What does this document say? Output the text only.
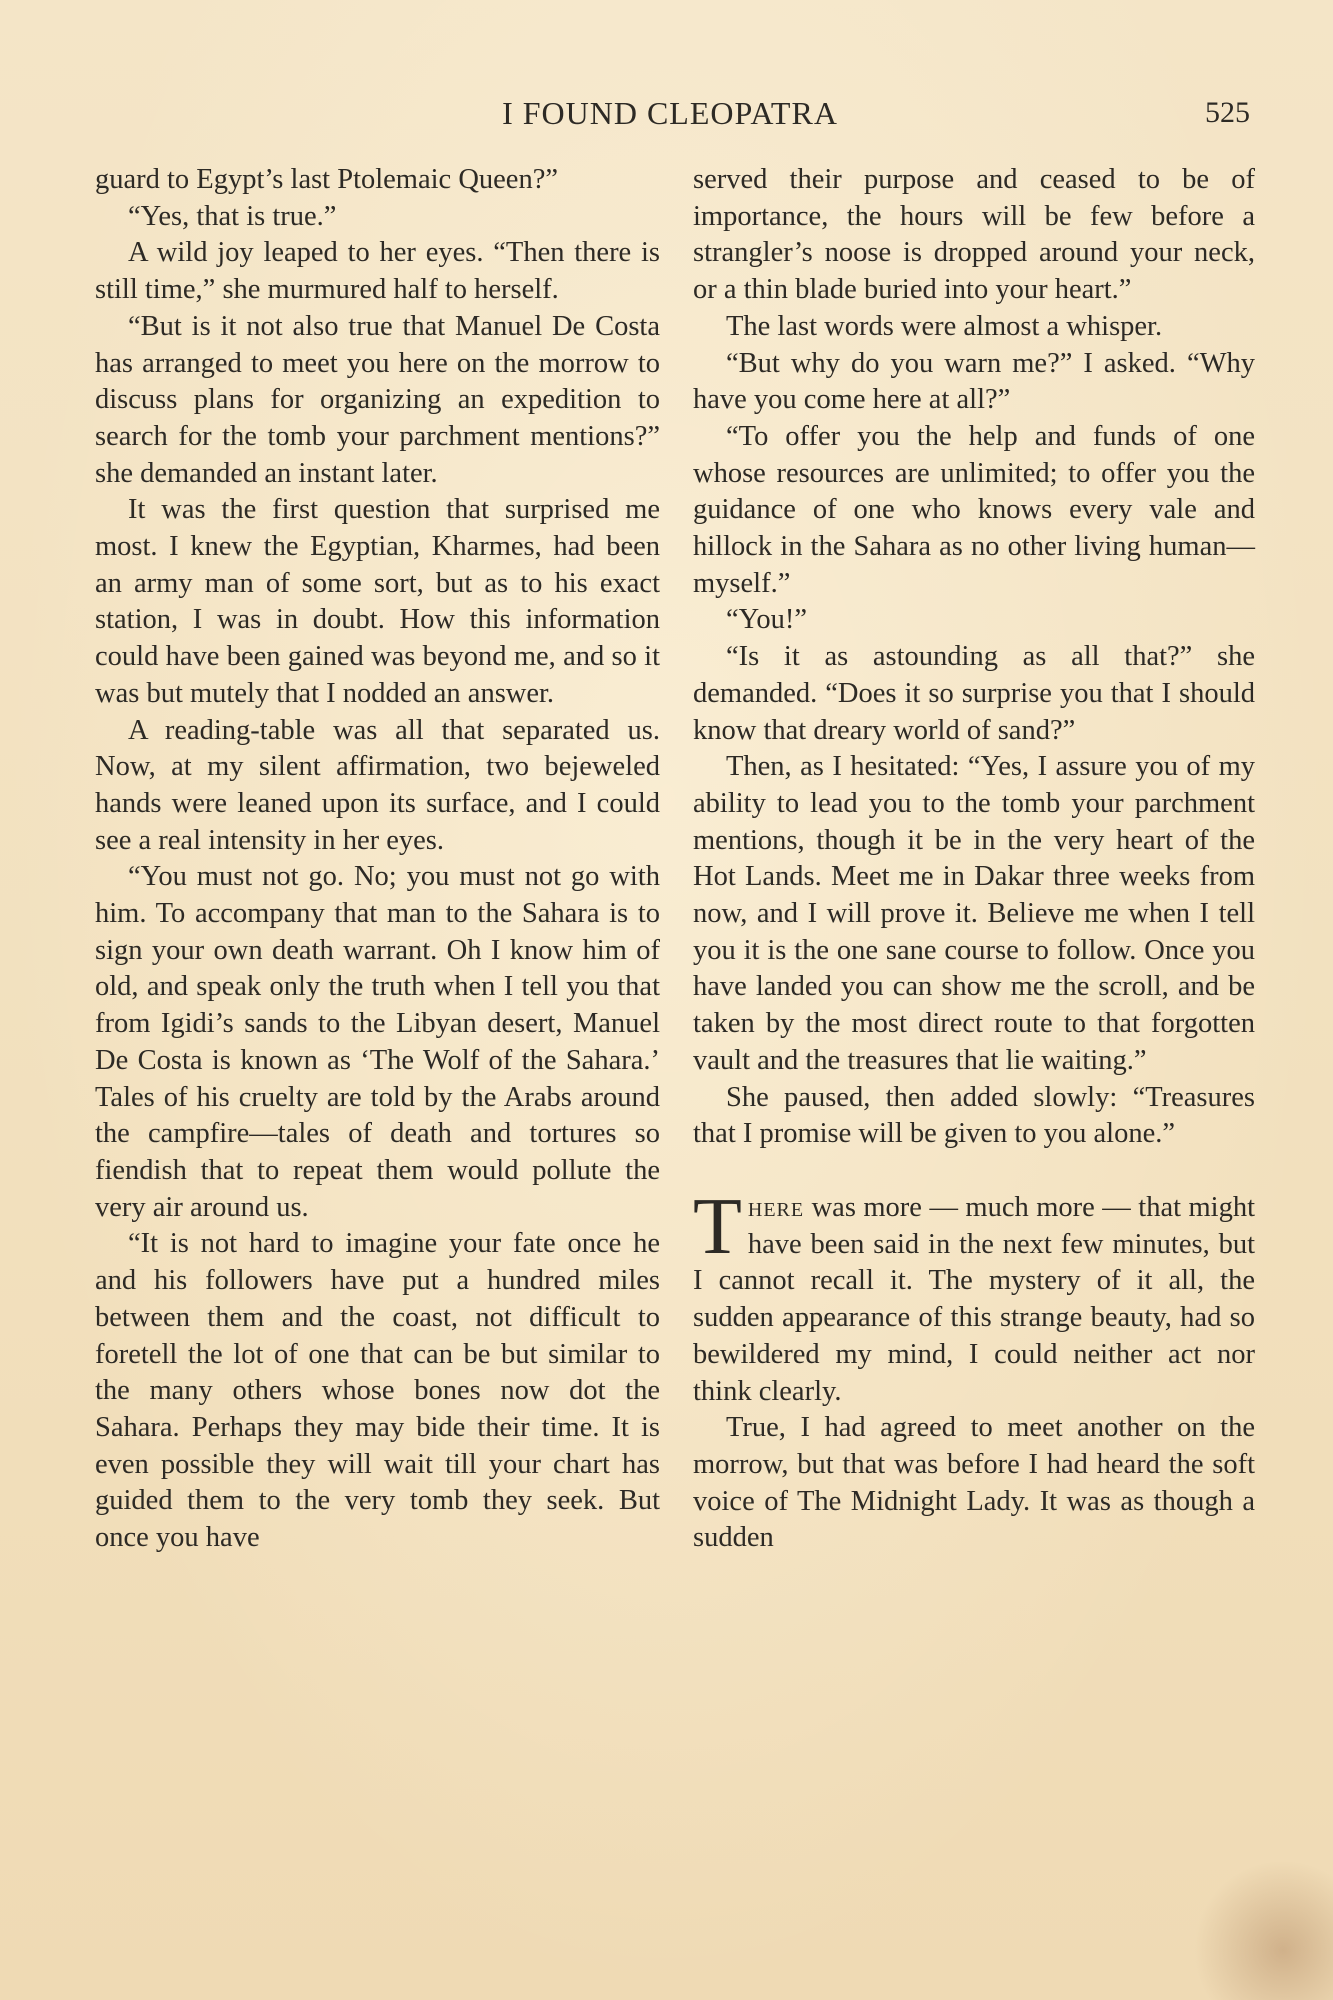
I FOUND CLEOPATRA	525

guard to Egypt’s last Ptolemaic Queen?”

“Yes, that is true.”

A wild joy leaped to her eyes. “Then there is still time,” she murmured half to herself.

“But is it not also true that Manuel De Costa has arranged to meet you here on the morrow to discuss plans for organizing an expedition to search for the tomb your parchment mentions?” she demanded an instant later.

It was the first question that surprised me most. I knew the Egyptian, Kharmes, had been an army man of some sort, but as to his exact station, I was in doubt. How this information could have been gained was beyond me, and so it was but mutely that I nodded an answer.

A reading-table was all that separated us. Now, at my silent affirmation, two bejeweled hands were leaned upon its surface, and I could see a real intensity in her eyes.

“You must not go. No; you must not go with him. To accompany that man to the Sahara is to sign your own death warrant. Oh I know him of old, and speak only the truth when I tell you that from Igidi’s sands to the Libyan desert, Manuel De Costa is known as ‘The Wolf of the Sahara.’ Tales of his cruelty are told by the Arabs around the campfire—tales of death and tortures so fiendish that to repeat them would pollute the very air around us.

“It is not hard to imagine your fate once he and his followers have put a hundred miles between them and the coast, not difficult to foretell the lot of one that can be but similar to the many others whose bones now dot the Sahara. Perhaps they may bide their time. It is even possible they will wait till your chart has guided them to the very tomb they seek. But once you have

served their purpose and ceased to be of importance, the hours will be few before a strangler’s noose is dropped around your neck, or a thin blade buried into your heart.”

The last words were almost a whisper.

“But why do you warn me?” I asked. “Why have you come here at all?”

“To offer you the help and funds of one whose resources are unlimited; to offer you the guidance of one who knows every vale and hillock in the Sahara as no other living human—myself.”

“You!”

“Is it as astounding as all that?” she demanded. “Does it so surprise you that I should know that dreary world of sand?”

Then, as I hesitated: “Yes, I assure you of my ability to lead you to the tomb your parchment mentions, though it be in the very heart of the Hot Lands. Meet me in Dakar three weeks from now, and I will prove it. Believe me when I tell you it is the one sane course to follow. Once you have landed you can show me the scroll, and be taken by the most direct route to that forgotten vault and the treasures that lie waiting.”

She paused, then added slowly: “Treasures that I promise will be given to you alone.”

There was more — much more — that might have been said in the next few minutes, but I cannot recall it. The mystery of it all, the sudden appearance of this strange beauty, had so bewildered my mind, I could neither act nor think clearly.

True, I had agreed to meet another on the morrow, but that was before I had heard the soft voice of The Midnight Lady. It was as though a sudden
